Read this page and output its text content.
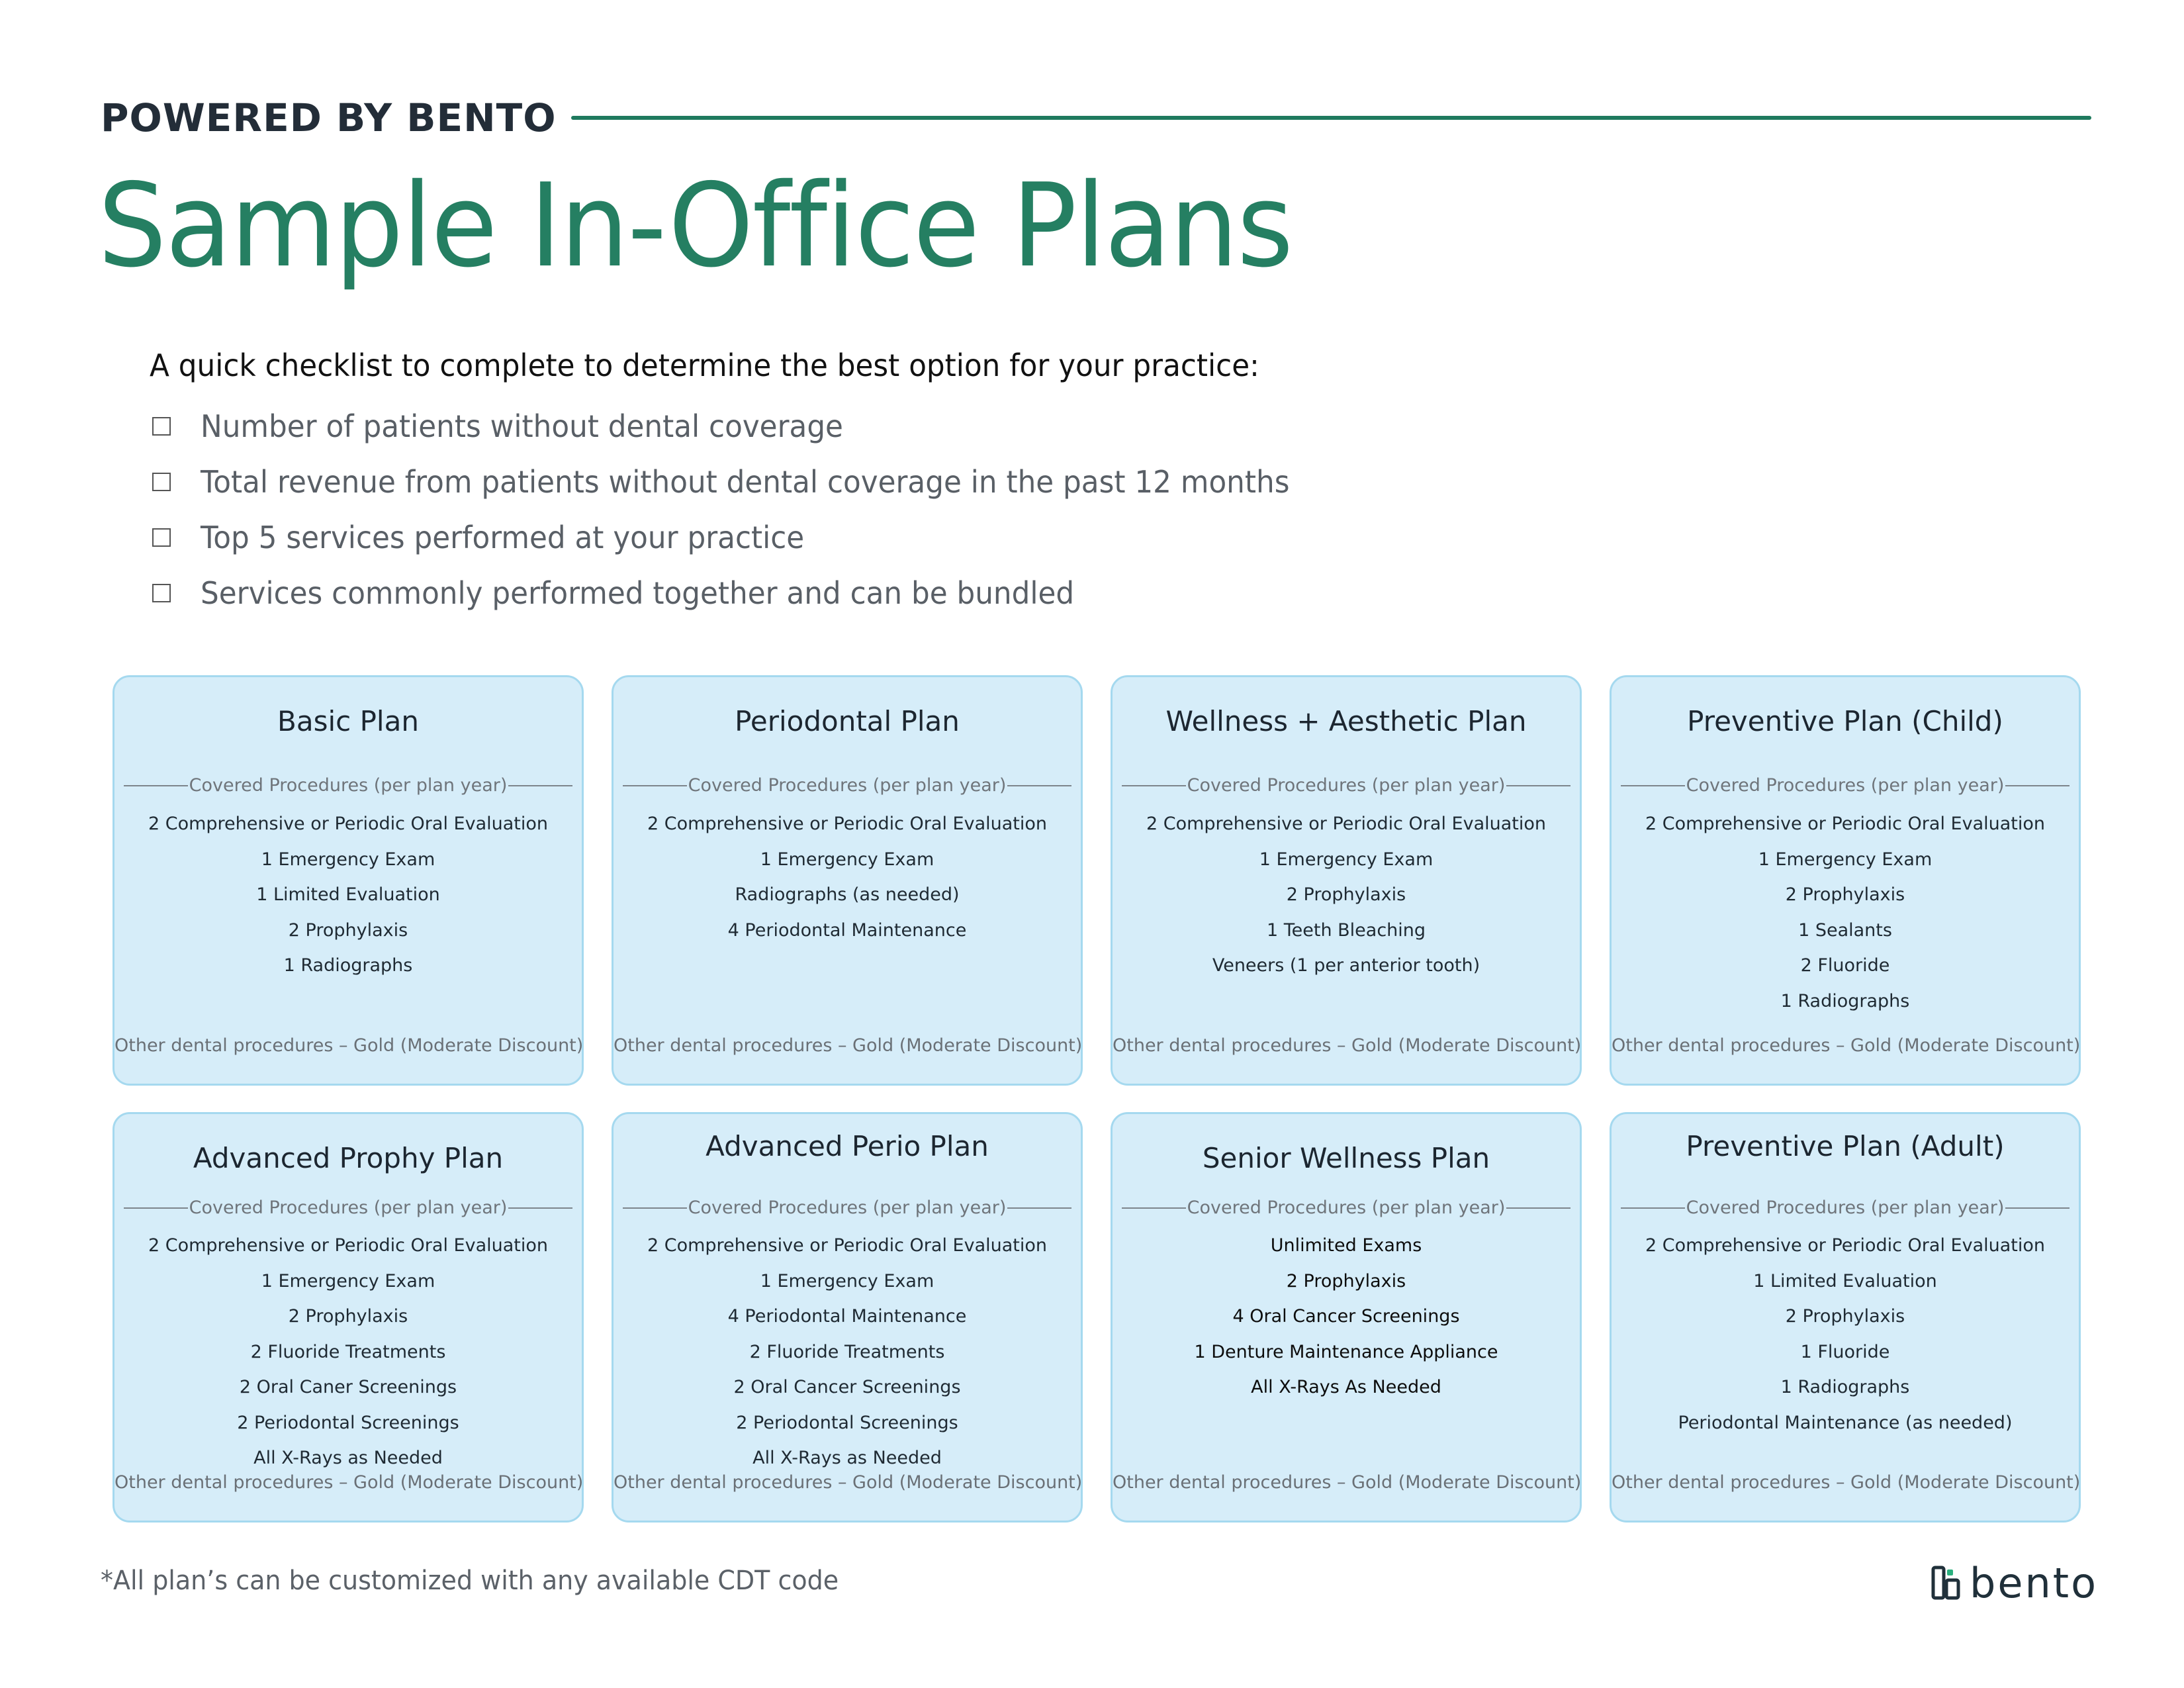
POWERED BY BENTO
Sample In-Office Plans

A quick checklist to complete to determine the best option for your practice:

Number of patients without dental coverage
Total revenue from patients without dental coverage in the past 12 months
Top 5 services performed at your practice
Services commonly performed together and can be bundled
Basic Plan
Covered Procedures (per plan year)
2 Comprehensive or Periodic Oral Evaluation
1 Emergency Exam
1 Limited Evaluation
2 Prophylaxis
1 Radiographs
Other dental procedures – Gold (Moderate Discount)
Periodontal Plan
Covered Procedures (per plan year)
2 Comprehensive or Periodic Oral Evaluation
1 Emergency Exam
Radiographs (as needed)
4 Periodontal Maintenance
Other dental procedures – Gold (Moderate Discount)
Wellness + Aesthetic Plan
Covered Procedures (per plan year)
2 Comprehensive or Periodic Oral Evaluation
1 Emergency Exam
2 Prophylaxis
1 Teeth Bleaching
Veneers (1 per anterior tooth)
Other dental procedures – Gold (Moderate Discount)
Preventive Plan (Child)
Covered Procedures (per plan year)
2 Comprehensive or Periodic Oral Evaluation
1 Emergency Exam
2 Prophylaxis
1 Sealants
2 Fluoride
1 Radiographs
Other dental procedures – Gold (Moderate Discount)
Advanced Prophy Plan
Covered Procedures (per plan year)
2 Comprehensive or Periodic Oral Evaluation
1 Emergency Exam
2 Prophylaxis
2 Fluoride Treatments
2 Oral Caner Screenings
2 Periodontal Screenings
All X-Rays as Needed
Other dental procedures – Gold (Moderate Discount)
Advanced Perio Plan
Covered Procedures (per plan year)
2 Comprehensive or Periodic Oral Evaluation
1 Emergency Exam
4 Periodontal Maintenance
2 Fluoride Treatments
2 Oral Cancer Screenings
2 Periodontal Screenings
All X-Rays as Needed
Other dental procedures – Gold (Moderate Discount)
Senior Wellness Plan
Covered Procedures (per plan year)
Unlimited Exams
2 Prophylaxis
4 Oral Cancer Screenings
1 Denture Maintenance Appliance
All X-Rays As Needed
Other dental procedures – Gold (Moderate Discount)
Preventive Plan (Adult)
Covered Procedures (per plan year)
2 Comprehensive or Periodic Oral Evaluation
1 Limited Evaluation
2 Prophylaxis
1 Fluoride
1 Radiographs
Periodontal Maintenance (as needed)
Other dental procedures – Gold (Moderate Discount)

*All plan’s can be customized with any available CDT code	bento
